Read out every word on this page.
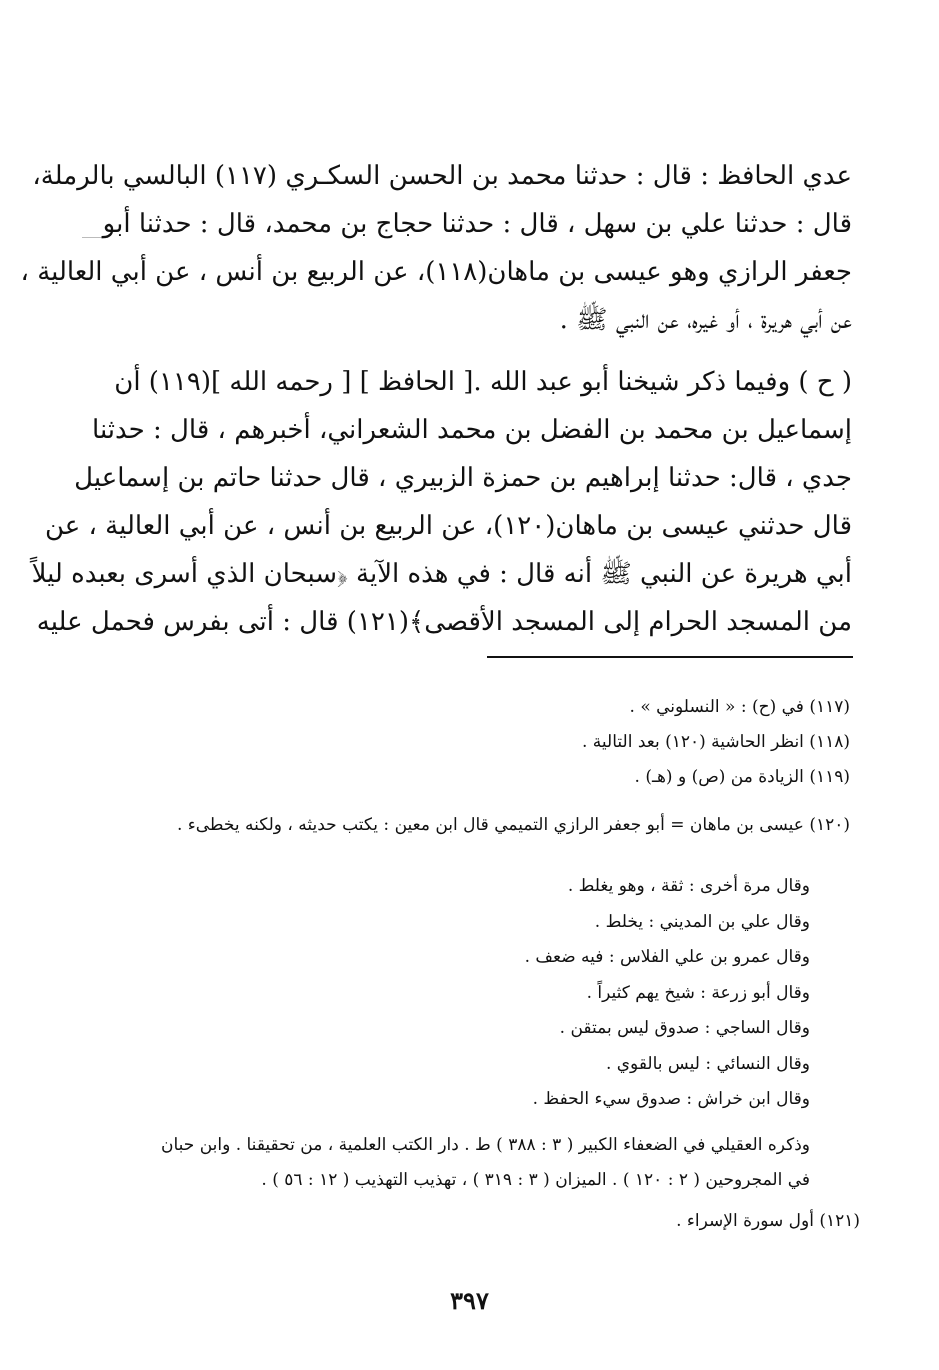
عدي الحافظ : قال : حدثنا محمد بن الحسن السكـري (١١٧) البالسي بالرملة،
قال : حدثنا علي بن سهل ، قال : حدثنا حجاج بن محمد، قال : حدثنا أبو
جعفر الرازي وهو عيسى بن ماهان(١١٨)، عن الربيع بن أنس ، عن أبي العالية ،
عن أبي هريرة ، أو غيره، عن النبي ﷺ .
( ح ) وفيما ذكر شيخنا أبو عبد الله .[ الحافظ ] [ رحمه الله ](١١٩) أن
إسماعيل بن محمد بن الفضل بن محمد الشعراني، أخبرهم ، قال : حدثنا
جدي ، قال: حدثنا إبراهيم بن حمزة الزبيري ، قال حدثنا حاتم بن إسماعيل
قال حدثني عيسى بن ماهان(١٢٠)، عن الربيع بن أنس ، عن أبي العالية ، عن
أبي هريرة عن النبي ﷺ أنه قال : في هذه الآية ﴿سبحان الذي أسرى بعبده ليلاً
من المسجد الحرام إلى المسجد الأقصى﴾(١٢١) قال : أتى بفرس فحمل عليه
(١١٧) في (ح) : « النسلوني » .
(١١٨) انظر الحاشية (١٢٠) بعد التالية .
(١١٩) الزيادة من (ص) و (هـ) .
(١٢٠) عيسى بن ماهان = أبو جعفر الرازي التميمي قال ابن معين : يكتب حديثه ، ولكنه يخطىء .
وقال مرة أخرى : ثقة ، وهو يغلط .
وقال علي بن المديني : يخلط .
وقال عمرو بن علي الفلاس : فيه ضعف .
وقال أبو زرعة : شيخ يهم كثيراً .
وقال الساجي : صدوق ليس بمتقن .
وقال النسائي : ليس بالقوي .
وقال ابن خراش : صدوق سيء الحفظ .
وذكره العقيلي في الضعفاء الكبير ( ٣ : ٣٨٨ ) ط . دار الكتب العلمية ، من تحقيقنا . وابن حبان
في المجروحين ( ٢ : ١٢٠ ) . الميزان ( ٣ : ٣١٩ ) ، تهذيب التهذيب ( ١٢ : ٥٦ ) .
(١٢١) أول سورة الإسراء .
٣٩٧
